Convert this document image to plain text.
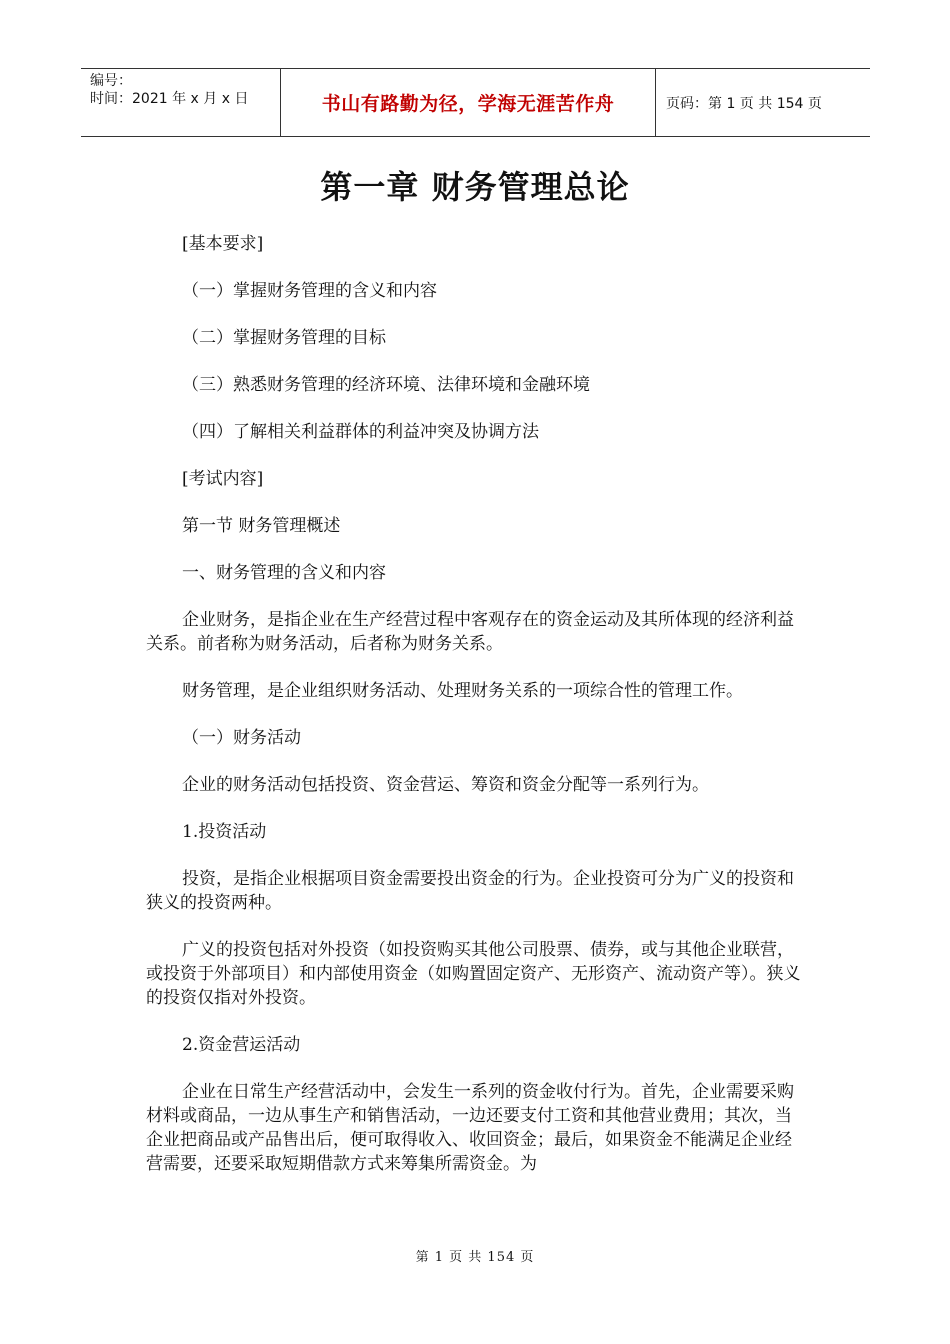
编号：
时间：2021 年 x 月 x 日	书山有路勤为径，学海无涯苦作舟	页码：第 1 页 共 154 页
第一章 财务管理总论

[基本要求]

（一）掌握财务管理的含义和内容

（二）掌握财务管理的目标

（三）熟悉财务管理的经济环境、法律环境和金融环境

（四）了解相关利益群体的利益冲突及协调方法

[考试内容]

第一节 财务管理概述

一、财务管理的含义和内容

企业财务，是指企业在生产经营过程中客观存在的资金运动及其所体现的经济利益关系。前者称为财务活动，后者称为财务关系。

财务管理，是企业组织财务活动、处理财务关系的一项综合性的管理工作。

（一）财务活动

企业的财务活动包括投资、资金营运、筹资和资金分配等一系列行为。

1.投资活动

投资，是指企业根据项目资金需要投出资金的行为。企业投资可分为广义的投资和狭义的投资两种。

广义的投资包括对外投资（如投资购买其他公司股票、债券，或与其他企业联营，或投资于外部项目）和内部使用资金（如购置固定资产、无形资产、流动资产等）。狭义的投资仅指对外投资。

2.资金营运活动

企业在日常生产经营活动中，会发生一系列的资金收付行为。首先，企业需要采购材料或商品，一边从事生产和销售活动，一边还要支付工资和其他营业费用；其次，当企业把商品或产品售出后，便可取得收入、收回资金；最后，如果资金不能满足企业经营需要，还要采取短期借款方式来筹集所需资金。为

第 1 页 共 154 页
